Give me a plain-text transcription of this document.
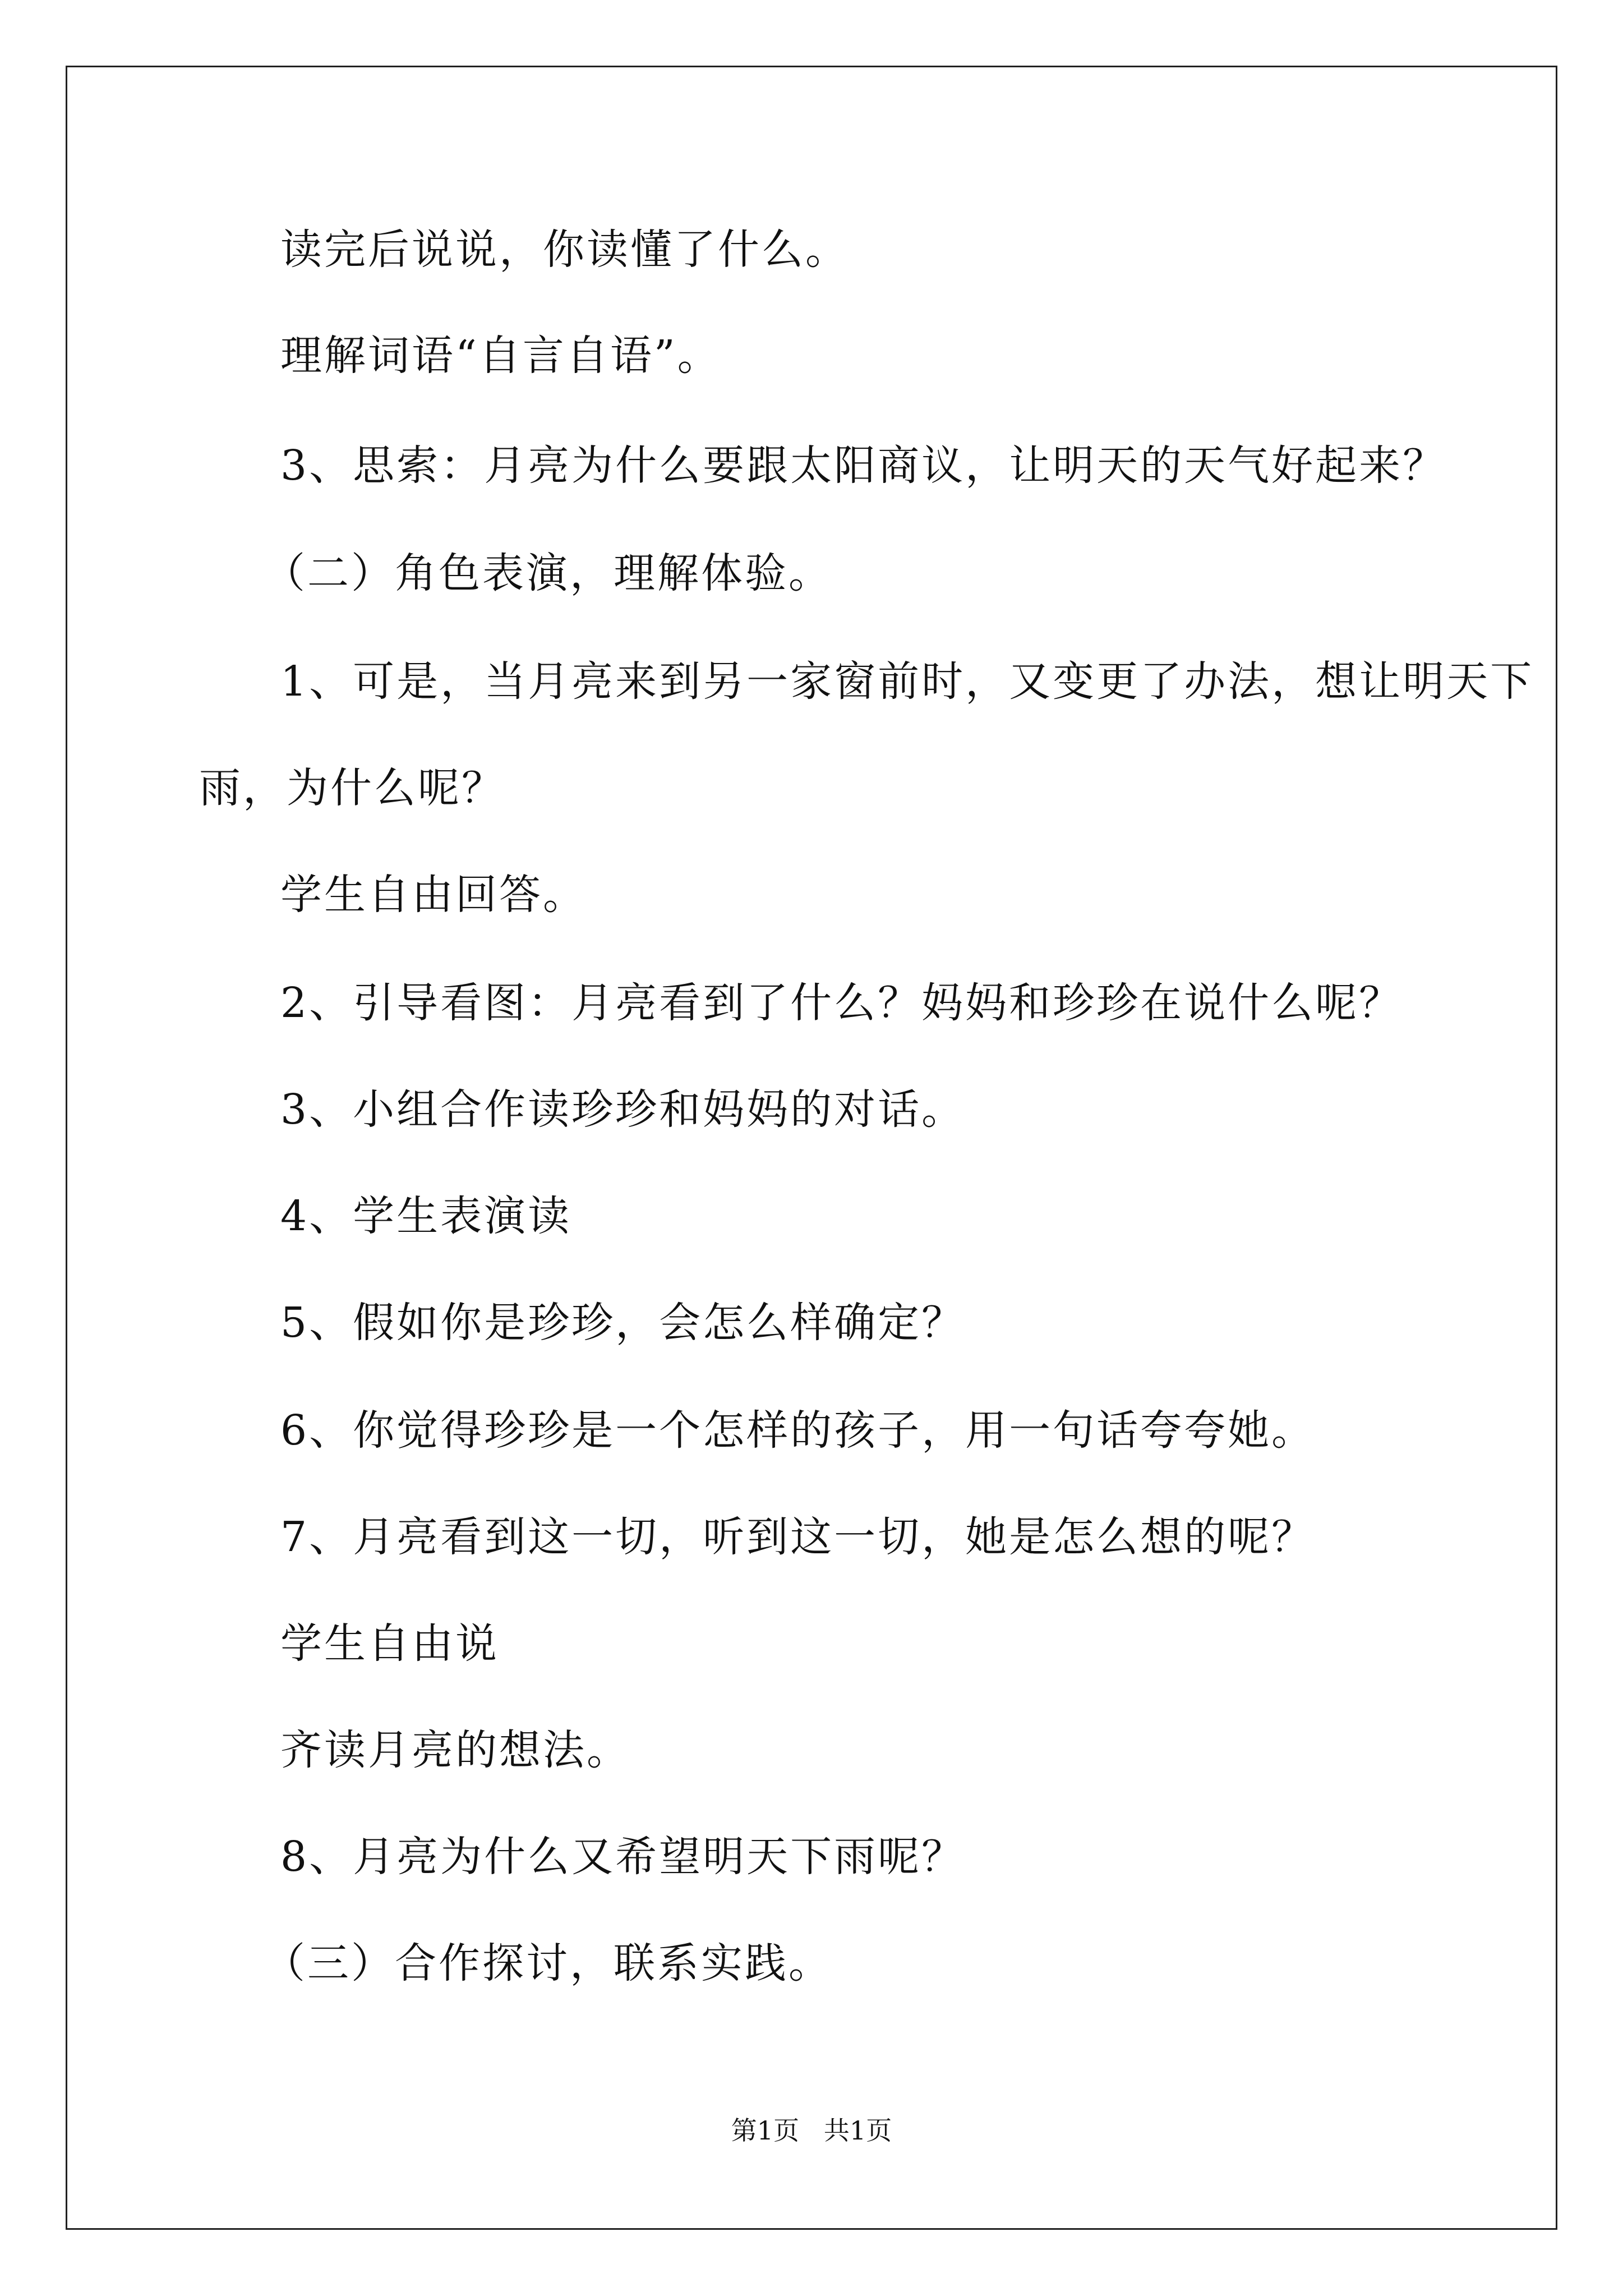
读完后说说，你读懂了什么。

理解词语“自言自语”。

3、思索：月亮为什么要跟太阳商议，让明天的天气好起来？

（二）角色表演，理解体验。

1、可是，当月亮来到另一家窗前时，又变更了办法，想让明天下

雨，为什么呢？

学生自由回答。

2、引导看图：月亮看到了什么？妈妈和珍珍在说什么呢？

3、小组合作读珍珍和妈妈的对话。

4、学生表演读

5、假如你是珍珍，会怎么样确定？

6、你觉得珍珍是一个怎样的孩子，用一句话夸夸她。

7、月亮看到这一切，听到这一切，她是怎么想的呢？

学生自由说

齐读月亮的想法。

8、月亮为什么又希望明天下雨呢？

（三）合作探讨，联系实践。

第1页   共1页
